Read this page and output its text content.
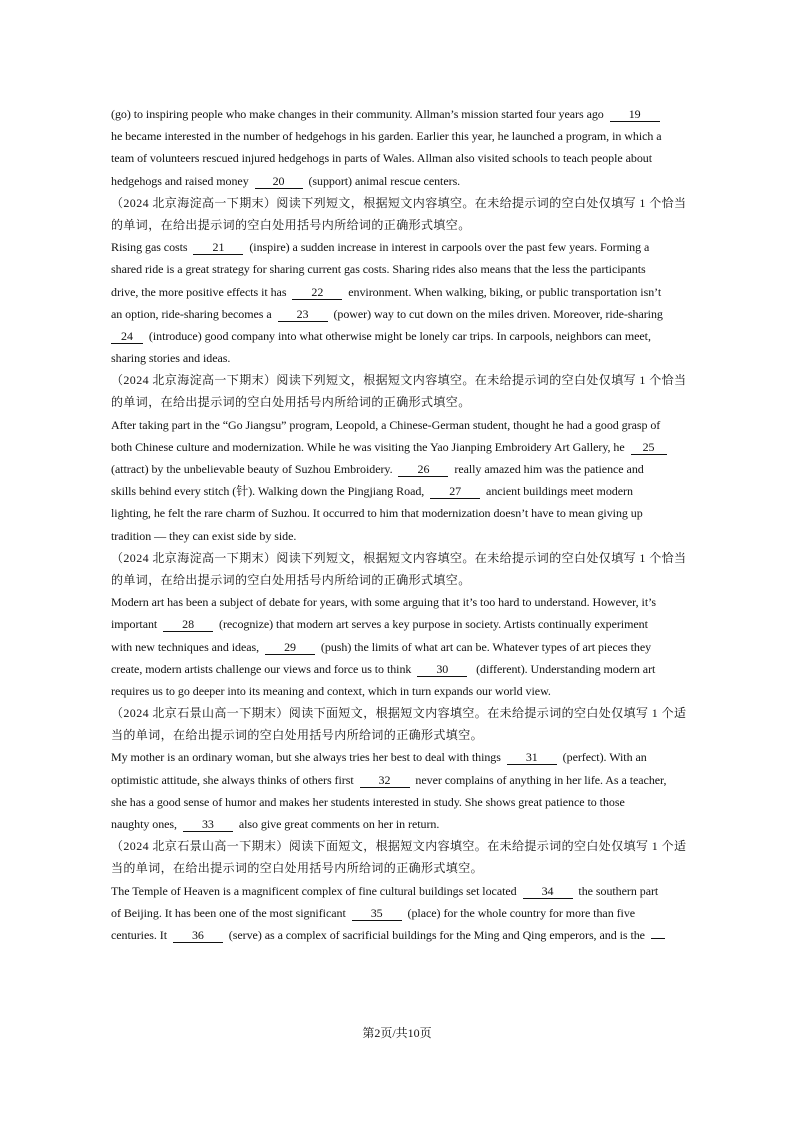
(go) to inspiring people who make changes in their community. Allman’s mission started four years ago  19
he became interested in the number of hedgehogs in his garden. Earlier this year, he launched a program, in which a
team of volunteers rescued injured hedgehogs in parts of Wales. Allman also visited schools to teach people about
hedgehogs and raised money  20  (support) animal rescue centers.
（2024 北京海淀高一下期末）阅读下列短文，根据短文内容填空。在未给提示词的空白处仅填写 1 个恰当
的单词，在给出提示词的空白处用括号内所给词的正确形式填空。
Rising gas costs  21  (inspire) a sudden increase in interest in carpools over the past few years. Forming a
shared ride is a great strategy for sharing current gas costs. Sharing rides also means that the less the participants
drive, the more positive effects it has  22  environment. When walking, biking, or public transportation isn’t
an option, ride-sharing becomes a  23  (power) way to cut down on the miles driven. Moreover, ride-sharing
24  (introduce) good company into what otherwise might be lonely car trips. In carpools, neighbors can meet,
sharing stories and ideas.
（2024 北京海淀高一下期末）阅读下列短文，根据短文内容填空。在未给提示词的空白处仅填写 1 个恰当
的单词，在给出提示词的空白处用括号内所给词的正确形式填空。
After taking part in the “Go Jiangsu” program, Leopold, a Chinese-German student, thought he had a good grasp of
both Chinese culture and modernization. While he was visiting the Yao Jianping Embroidery Art Gallery, he  25
(attract) by the unbelievable beauty of Suzhou Embroidery.  26  really amazed him was the patience and
skills behind every stitch (针). Walking down the Pingjiang Road,  27  ancient buildings meet modern
lighting, he felt the rare charm of Suzhou. It occurred to him that modernization doesn’t have to mean giving up
tradition — they can exist side by side.
（2024 北京海淀高一下期末）阅读下列短文，根据短文内容填空。在未给提示词的空白处仅填写 1 个恰当
的单词，在给出提示词的空白处用括号内所给词的正确形式填空。
Modern art has been a subject of debate for years, with some arguing that it’s too hard to understand. However, it’s
important  28  (recognize) that modern art serves a key purpose in society. Artists continually experiment
with new techniques and ideas,  29  (push) the limits of what art can be. Whatever types of art pieces they
create, modern artists challenge our views and force us to think  30   (different). Understanding modern art
requires us to go deeper into its meaning and context, which in turn expands our world view.
（2024 北京石景山高一下期末）阅读下面短文，根据短文内容填空。在未给提示词的空白处仅填写 1 个适
当的单词，在给出提示词的空白处用括号内所给词的正确形式填空。
My mother is an ordinary woman, but she always tries her best to deal with things  31  (perfect). With an
optimistic attitude, she always thinks of others first  32  never complains of anything in her life. As a teacher,
she has a good sense of humor and makes her students interested in study. She shows great patience to those
naughty ones,  33  also give great comments on her in return.
（2024 北京石景山高一下期末）阅读下面短文，根据短文内容填空。在未给提示词的空白处仅填写 1 个适
当的单词，在给出提示词的空白处用括号内所给词的正确形式填空。
The Temple of Heaven is a magnificent complex of fine cultural buildings set located  34  the southern part
of Beijing. It has been one of the most significant  35  (place) for the whole country for more than five
centuries. It  36  (serve) as a complex of sacrificial buildings for the Ming and Qing emperors, and is the
第2页/共10页
